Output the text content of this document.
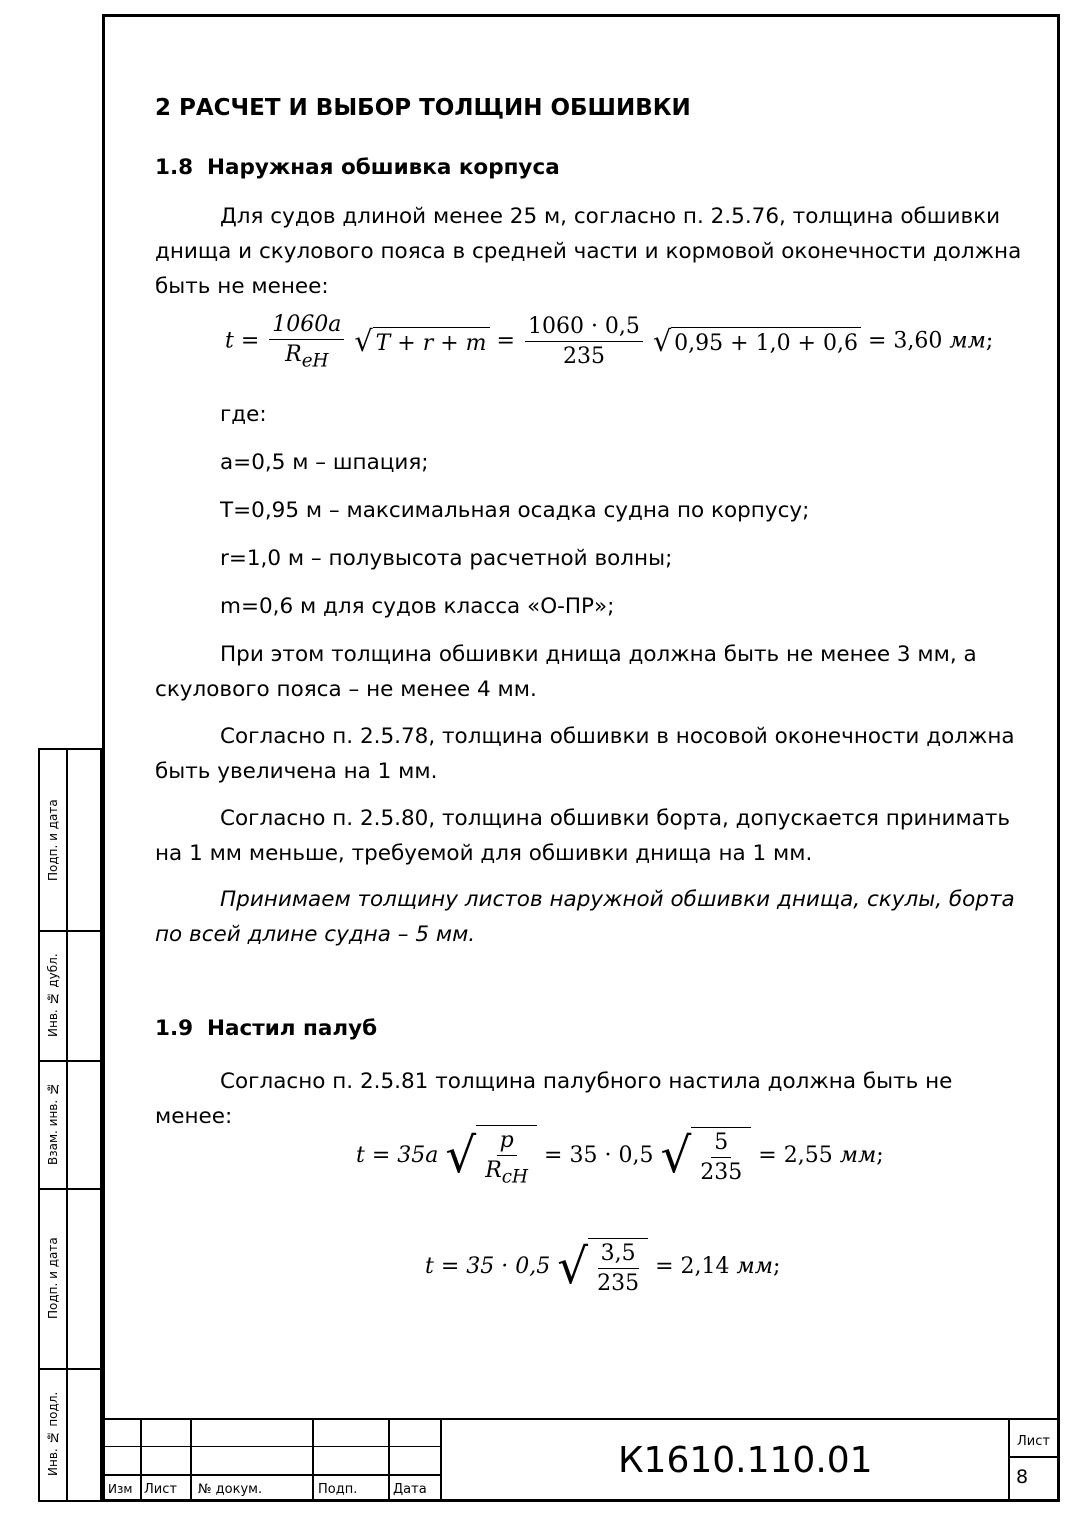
2 РАСЧЕТ И ВЫБОР ТОЛЩИН ОБШИВКИ
1.8 Наружная обшивка корпуса

Для судов длиной менее 25 м, согласно п. 2.5.76, толщина обшивки днища и скулового пояса в средней части и кормовой оконечности должна быть не менее:

$t = \frac{1060a}{R_{eH}}$
√ $T + r + m = \frac{1060 \cdot 0,5}{235}$
√ 0,95 + 1,0 + 0,6 = 3,60 мм;

где:

a=0,5 м – шпация;

T=0,95 м – максимальная осадка судна по корпусу;

r=1,0 м – полувысота расчетной волны;

m=0,6 м для судов класса «О-ПР»;

При этом толщина обшивки днища должна быть не менее 3 мм, а скулового пояса – не менее 4 мм.

Согласно п. 2.5.78, толщина обшивки в носовой оконечности должна быть увеличена на 1 мм.

Согласно п. 2.5.80, толщина обшивки борта, допускается принимать на 1 мм меньше, требуемой для обшивки днища на 1 мм.

Принимаем толщину листов наружной обшивки днища, скулы, борта по всей длине судна – 5 мм.

1.9 Настил палуб

Согласно п. 2.5.81 толщина палубного настила должна быть не менее:

t = 35a √ $\frac{p}{R_{cH}} = 35 \cdot 0,5$ √ $\frac{5}{235} = 2,55$ мм;
t = 35 · 0,5 √ $\frac{3,5}{235} = 2,14$ мм;
Подп. и дата
Инв. № дубл.
Взам. инв. №
Подп. и дата
Инв. № подл.
Изм Лист № докум.	Подп.	Дата
К1610.110.01	Лист
8
